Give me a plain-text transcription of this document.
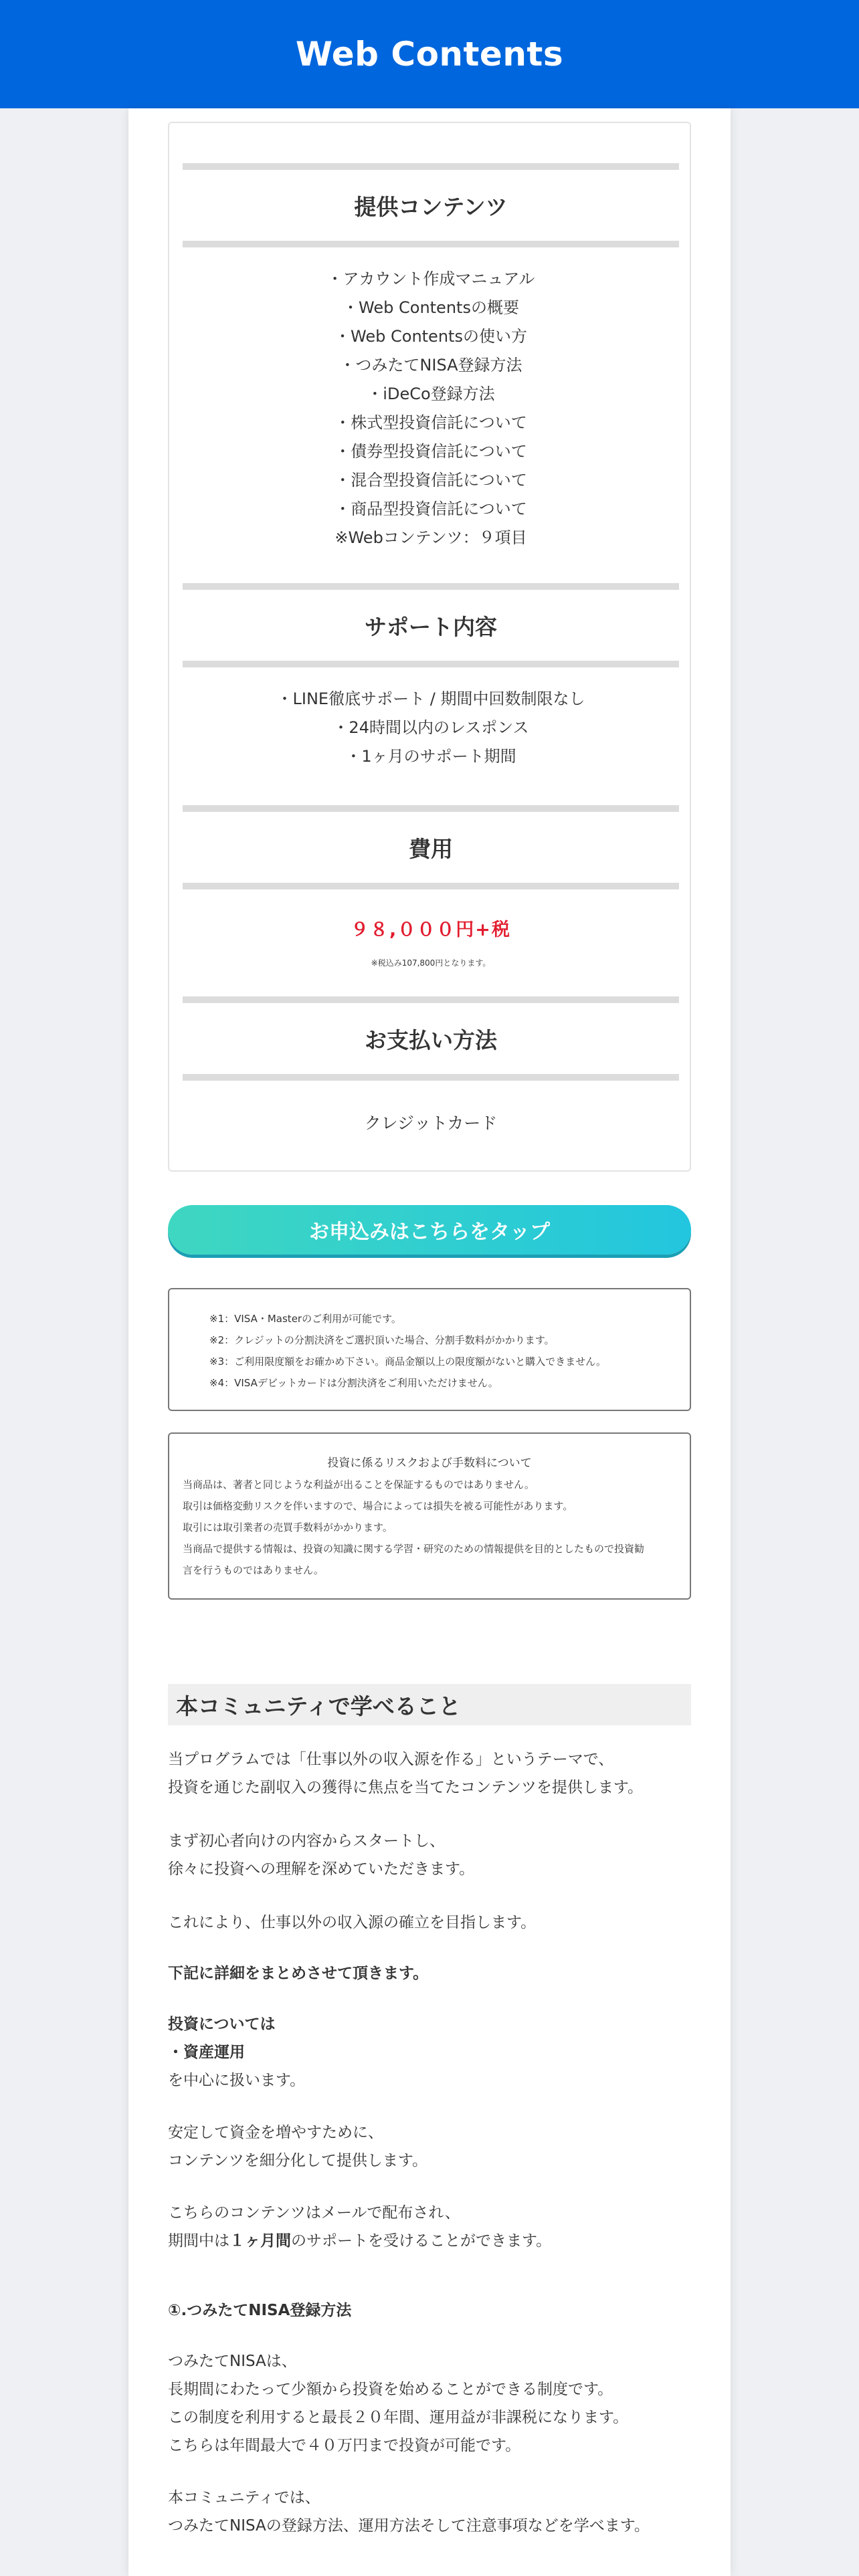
Web Contents
提供コンテンツ
・アカウント作成マニュアル
・Web Contentsの概要
・Web Contentsの使い方
・つみたてNISA登録方法
・iDeCo登録方法
・株式型投資信託について
・債券型投資信託について
・混合型投資信託について
・商品型投資信託について
※Webコンテンツ：９項目
サポート内容
・LINE徹底サポート / 期間中回数制限なし
・24時間以内のレスポンス
・1ヶ月のサポート期間
費用
９８,０００円+税
※税込み107,800円となります。
お支払い方法
クレジットカード
お申込みはこちらをタップ
※1：VISA・Masterのご利用が可能です。
※2：クレジットの分割決済をご選択頂いた場合、分割手数料がかかります。
※3：ご利用限度額をお確かめ下さい。商品金額以上の限度額がないと購入できません。
※4：VISAデビットカードは分割決済をご利用いただけません。
投資に係るリスクおよび手数料について
当商品は、著者と同じような利益が出ることを保証するものではありません。
取引は価格変動リスクを伴いますので、場合によっては損失を被る可能性があります。
取引には取引業者の売買手数料がかかります。
当商品で提供する情報は、投資の知識に関する学習・研究のための情報提供を目的としたもので投資勧
言を行うものではありません。
本コミュニティで学べること
当プログラムでは「仕事以外の収入源を作る」というテーマで、
投資を通じた副収入の獲得に焦点を当てたコンテンツを提供します。
まず初心者向けの内容からスタートし、
徐々に投資への理解を深めていただきます。
これにより、仕事以外の収入源の確立を目指します。
下記に詳細をまとめさせて頂きます。
投資については
・資産運用
を中心に扱います。
安定して資金を増やすために、
コンテンツを細分化して提供します。
こちらのコンテンツはメールで配布され、
期間中は１ヶ月間のサポートを受けることができます。
①.つみたてNISA登録方法
つみたてNISAは、
長期間にわたって少額から投資を始めることができる制度です。
この制度を利用すると最長２０年間、運用益が非課税になります。
こちらは年間最大で４０万円まで投資が可能です。
本コミュニティでは、
つみたてNISAの登録方法、運用方法そして注意事項などを学べます。
